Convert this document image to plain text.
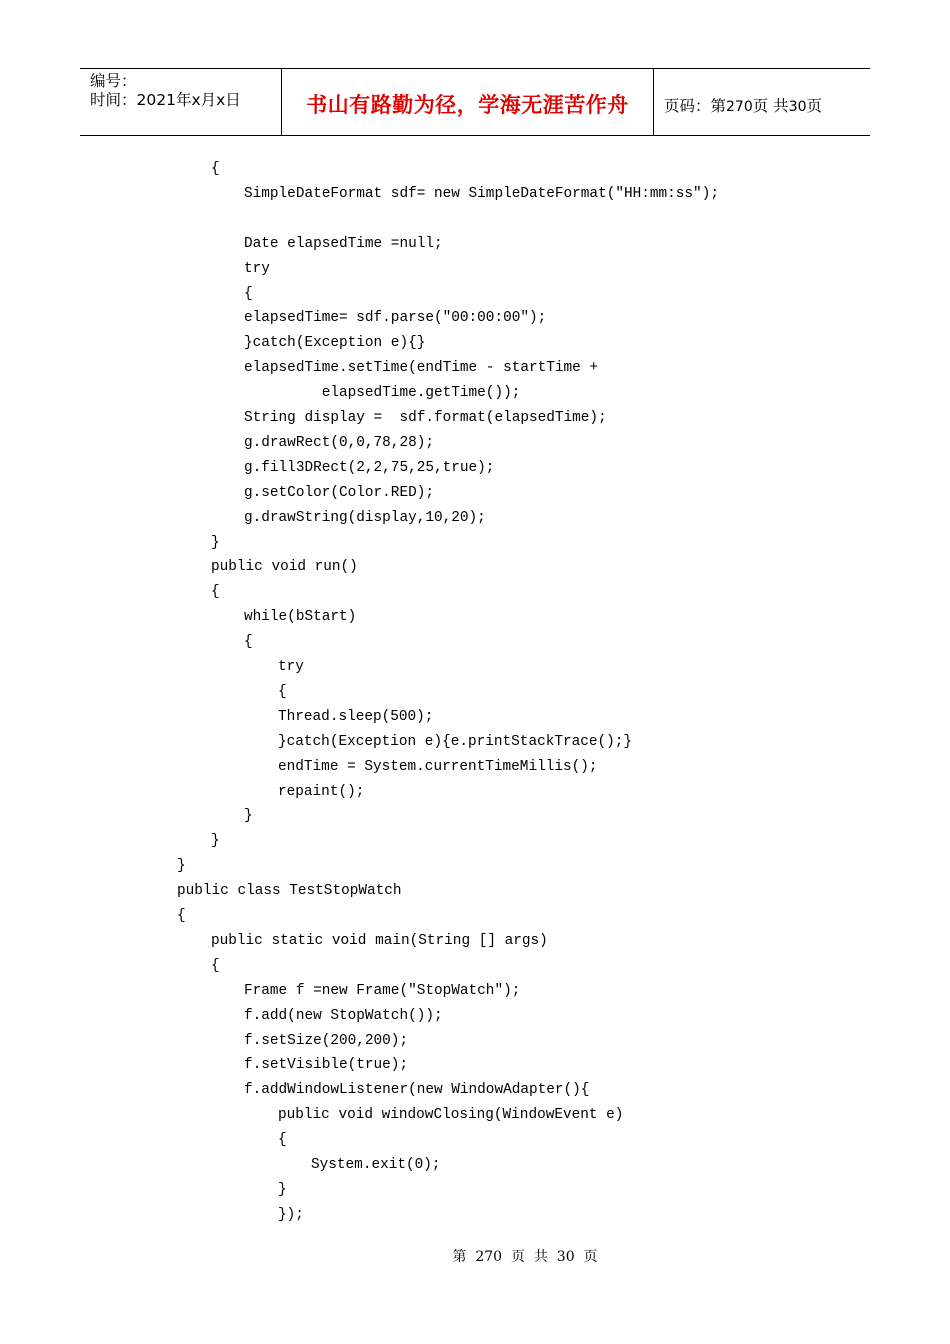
编号：
时间：2021年x月x日	书山有路勤为径，学海无涯苦作舟	页码：第270页 共30页
{
SimpleDateFormat sdf= new SimpleDateFormat("HH:mm:ss");
Date elapsedTime =null;
try
{
elapsedTime= sdf.parse("00:00:00");
}catch(Exception e){}
elapsedTime.setTime(endTime - startTime +
elapsedTime.getTime());
String display =  sdf.format(elapsedTime);
g.drawRect(0,0,78,28);
g.fill3DRect(2,2,75,25,true);
g.setColor(Color.RED);
g.drawString(display,10,20);
}
public void run()
{
while(bStart)
{
try
{
Thread.sleep(500);
}catch(Exception e){e.printStackTrace();}
endTime = System.currentTimeMillis();
repaint();
}
}
}
public class TestStopWatch
{
public static void main(String [] args)
{
Frame f =new Frame("StopWatch");
f.add(new StopWatch());
f.setSize(200,200);
f.setVisible(true);
f.addWindowListener(new WindowAdapter(){
public void windowClosing(WindowEvent e)
{
System.exit(0);
}
});
第  270  页  共  30  页
